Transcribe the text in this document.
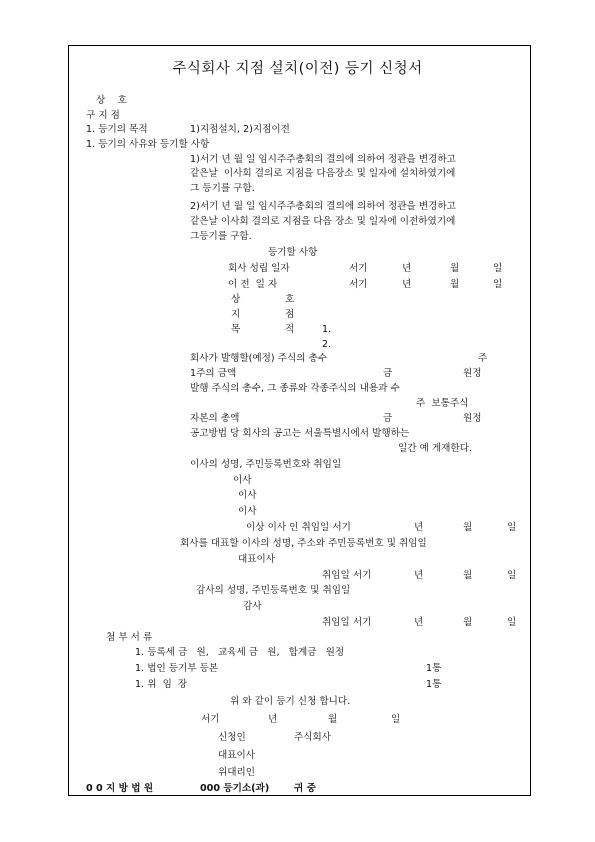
주식회사 지점 설치(이전) 등기 신청서
상    호
구 지 점
1. 등기의 목적	1)지점설치, 2)지점이전
1. 등기의 사유와 등기할 사항
1)서기 년 월 일 임시주주총회의 결의에 의하여 정관을 변경하고
같은날  이사회 결의로 지점을 다음장소 및 일자에 설치하였기에
그 등기를 구함.
2)서기 년 월 일 임시주주총회의 결의에 의하여 정관을 변경하고
같은날 이사회 결의로 지점을 다음 장소 및 일자에 이전하였기에
그등기를 구함.
등기할 사항
회사 성립 일자	서기	년	월	일
이 전  일 자	서기	년	월	일
상	호
지	점
목	적	1.
2.
회사가 발행할(예정) 주식의 총수	주
1주의 금액	금	원정
발행 주식의 총수, 그 종류와 각종주식의 내용과 수
주  보통주식
자본의 총액	금	원정
공고방법 당 회사의 공고는 서울특별시에서 발행하는
일간 예 게재한다.
이사의 성명, 주민등록번호와 취임일
이사
이사
이사
이상 이사 인 취임일 서기	년	월	일
회사를 대표할 이사의 성명, 주소와 주민등록번호 및 취임일
대표이사
취임일 서기	년	월	일
감사의 성명, 주민등록번호 및 취임일
감사
취임일 서기	년	월	일
첨 부 서 류
1. 등록세 금   원,   교육세 금   원,   합계금   원정
1. 법인 등기부 등본	1통
1. 위  임  장	1통
위 와 같이 등기 신청 합니다.
서기	년	월	일
신청인	주식회사
대표이사
위대리인
0 0 지 방 법 원	000 등기소(과)	귀 중
